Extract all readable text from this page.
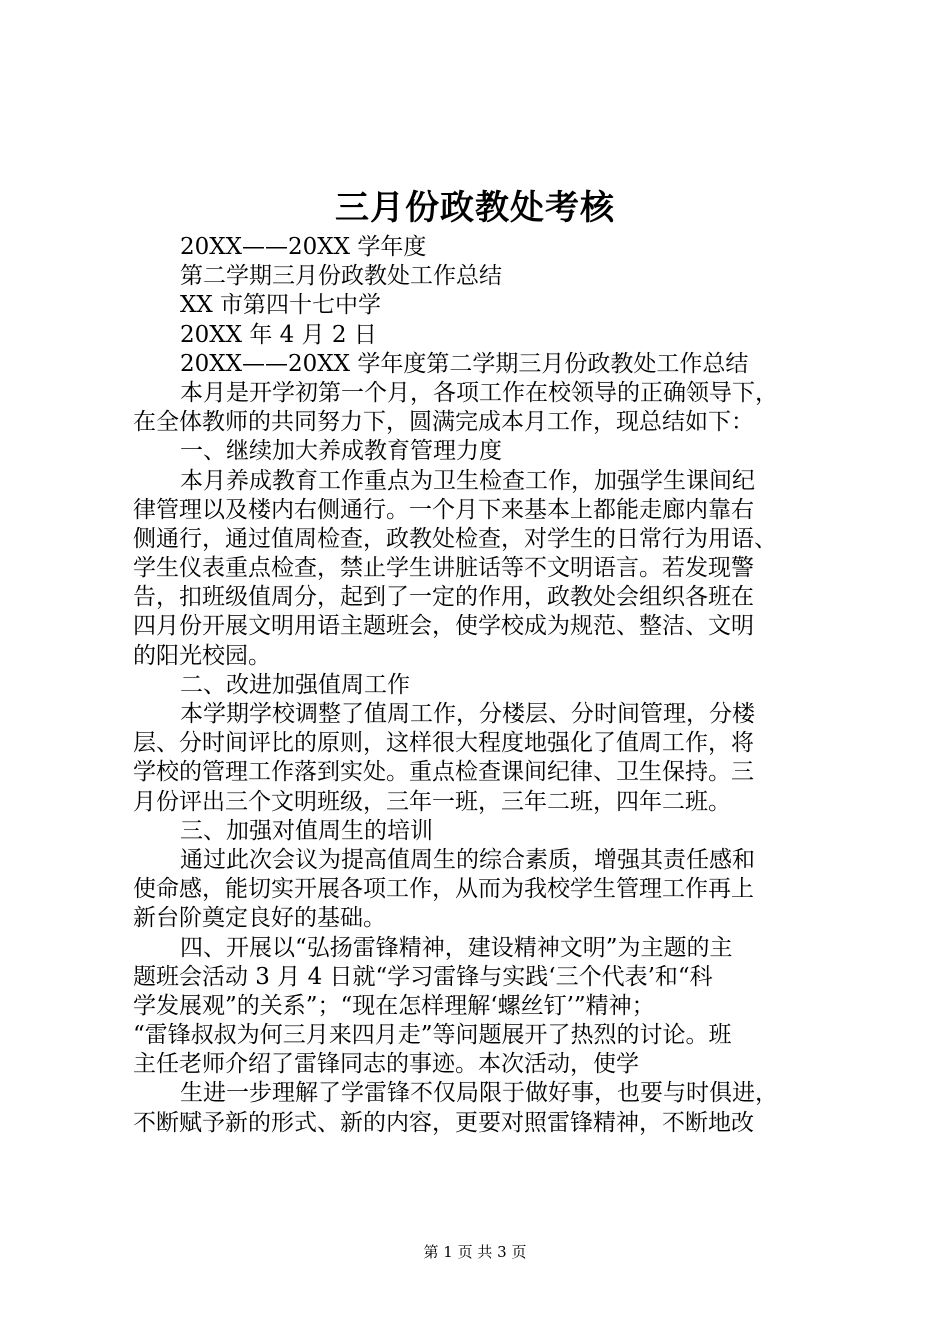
三月份政教处考核

20XX——20XX 学年度

第二学期三月份政教处工作总结

XX 市第四十七中学

20XX 年 4 月 2 日

20XX——20XX 学年度第二学期三月份政教处工作总结

本月是开学初第一个月，各项工作在校领导的正确领导下，

在全体教师的共同努力下，圆满完成本月工作，现总结如下：

一、继续加大养成教育管理力度

本月养成教育工作重点为卫生检查工作，加强学生课间纪

律管理以及楼内右侧通行。一个月下来基本上都能走廊内靠右

侧通行，通过值周检查，政教处检查，对学生的日常行为用语、

学生仪表重点检查，禁止学生讲脏话等不文明语言。若发现警

告，扣班级值周分，起到了一定的作用，政教处会组织各班在

四月份开展文明用语主题班会，使学校成为规范、整洁、文明

的阳光校园。

二、改进加强值周工作

本学期学校调整了值周工作，分楼层、分时间管理，分楼

层、分时间评比的原则，这样很大程度地强化了值周工作，将

学校的管理工作落到实处。重点检查课间纪律、卫生保持。三

月份评出三个文明班级，三年一班，三年二班，四年二班。

三、加强对值周生的培训

通过此次会议为提高值周生的综合素质，增强其责任感和

使命感，能切实开展各项工作，从而为我校学生管理工作再上

新台阶奠定良好的基础。

四、开展以“弘扬雷锋精神，建设精神文明”为主题的主

题班会活动 3 月 4 日就“学习雷锋与实践‘三个代表’和“科

学发展观”的关系”；“现在怎样理解‘螺丝钉’”精神；

“雷锋叔叔为何三月来四月走”等问题展开了热烈的讨论。班

主任老师介绍了雷锋同志的事迹。本次活动，使学

生进一步理解了学雷锋不仅局限于做好事，也要与时俱进，

不断赋予新的形式、新的内容，更要对照雷锋精神，不断地改

第 1 页 共 3 页
